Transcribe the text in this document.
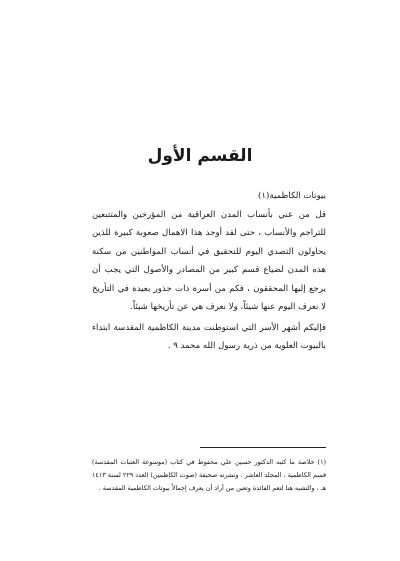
القسم الأول

بيوتات الكاظمية(١)

قل من عني بأنساب المدن العراقية من المؤرخين والمتتبعين للتراجم والأنساب ، حتى لقد أوجد هذا الاهمال صعوبة كبيرة للذين يحاولون التصدي اليوم للتحقيق في أنساب المواطنين من سكنة هذه المدن لضياع قسم كبير من المصادر والأصول التي يجب أن يرجع إليها المحققون ، فكم من أسرة ذات جذور بعيدة في التأريخ لا نعرف اليوم عنها شيئاً، ولا نعرف هي عن تأريخها شيئاً.

فإليكم أشهر الأسر التي استوطنت مدينة الكاظمية المقدسة ابتداء بالبيوت العلوية من ذرية رسول الله محمد ٩ .

(١) خلاصة ما كتبه الدكتور حسين علي محفوظ في كتاب (موسوعة العتبات المقدسة) قسم الكاظمية ، المجلد العاشر . ونشرته صحيفة (صوت الكاظمين) العدد ٢٢٩ لسنة ١٤١٣ هـ ، والتشبه هنا لتعم الفائدة وتعين من أراد أن يعرف إجمالاً بيوتات الكاظمية المقدسة .
